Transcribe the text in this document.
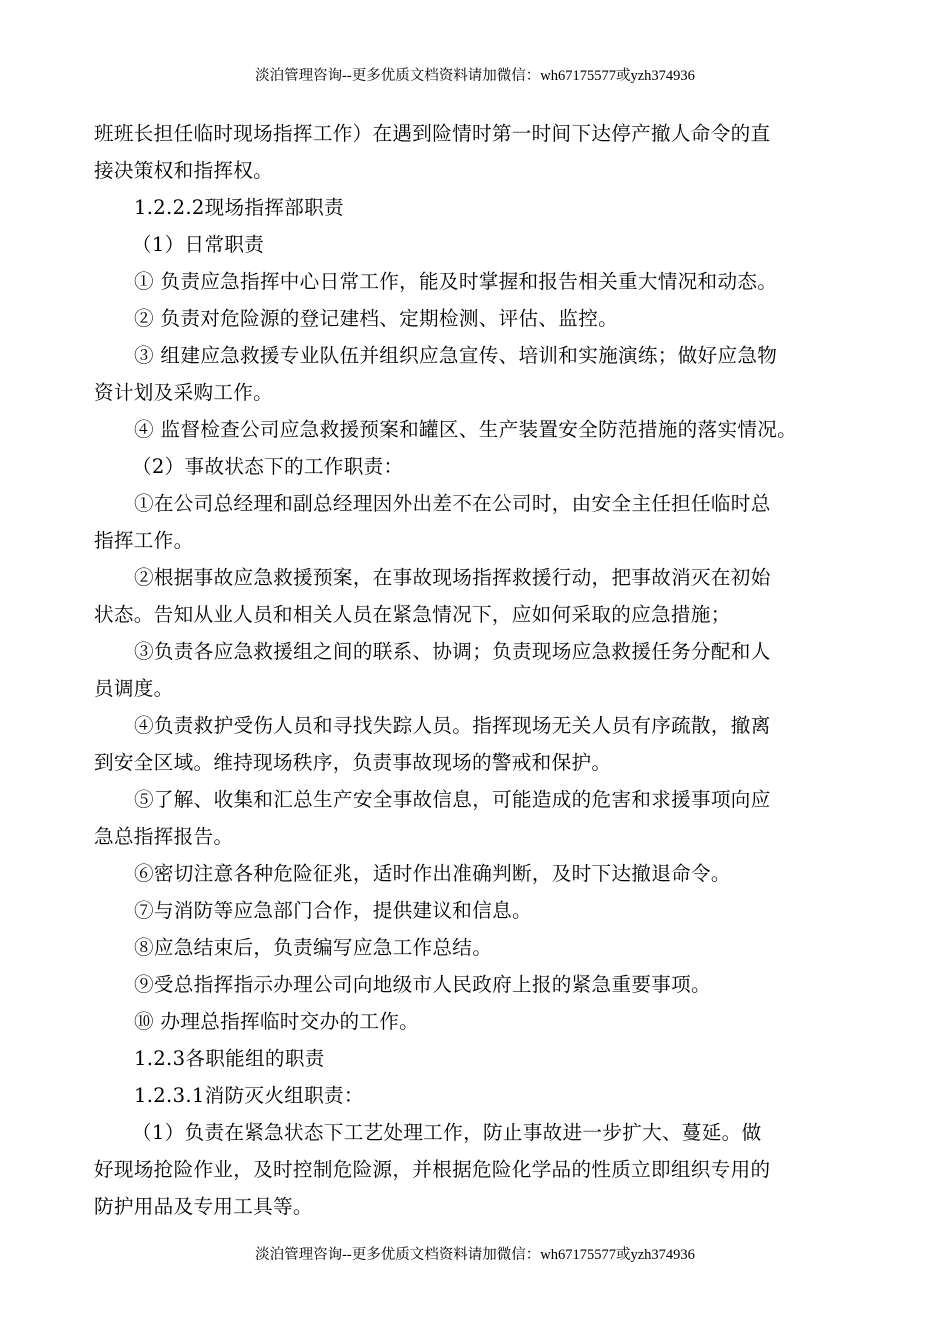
淡泊管理咨询--更多优质文档资料请加微信：wh67175577或yzh374936

班班长担任临时现场指挥工作）在遇到险情时第一时间下达停产撤人命令的直

接决策权和指挥权。

1.2.2.2现场指挥部职责

（1）日常职责

① 负责应急指挥中心日常工作，能及时掌握和报告相关重大情况和动态。

② 负责对危险源的登记建档、定期检测、评估、监控。

③ 组建应急救援专业队伍并组织应急宣传、培训和实施演练；做好应急物

资计划及采购工作。

④ 监督检查公司应急救援预案和罐区、生产装置安全防范措施的落实情况。

（2）事故状态下的工作职责：

①在公司总经理和副总经理因外出差不在公司时，由安全主任担任临时总

指挥工作。

②根据事故应急救援预案，在事故现场指挥救援行动，把事故消灭在初始

状态。告知从业人员和相关人员在紧急情况下，应如何采取的应急措施；

③负责各应急救援组之间的联系、协调；负责现场应急救援任务分配和人

员调度。

④负责救护受伤人员和寻找失踪人员。指挥现场无关人员有序疏散，撤离

到安全区域。维持现场秩序，负责事故现场的警戒和保护。

⑤了解、收集和汇总生产安全事故信息，可能造成的危害和求援事项向应

急总指挥报告。

⑥密切注意各种危险征兆，适时作出准确判断，及时下达撤退命令。

⑦与消防等应急部门合作，提供建议和信息。

⑧应急结束后，负责编写应急工作总结。

⑨受总指挥指示办理公司向地级市人民政府上报的紧急重要事项。

⑩ 办理总指挥临时交办的工作。

1.2.3各职能组的职责

1.2.3.1消防灭火组职责：

（1）负责在紧急状态下工艺处理工作，防止事故进一步扩大、蔓延。做

好现场抢险作业，及时控制危险源，并根据危险化学品的性质立即组织专用的

防护用品及专用工具等。

淡泊管理咨询--更多优质文档资料请加微信：wh67175577或yzh374936
